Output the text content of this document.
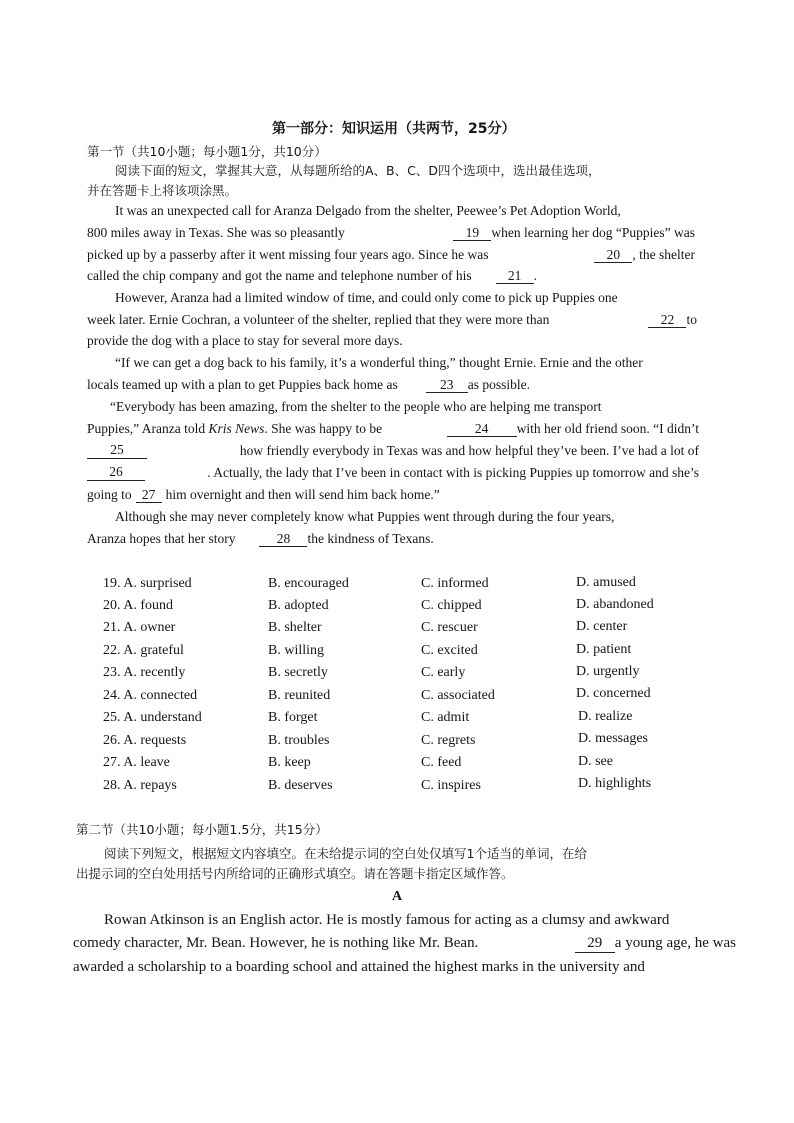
第一部分：知识运用（共两节，25分）
第一节（共10小题；每小题1分，共10分）
阅读下面的短文，掌握其大意，从每题所给的A、B、C、D四个选项中，选出最佳选项，
并在答题卡上将该项涂黑。
It was an unexpected call for Aranza Delgado from the shelter, Peewee’s Pet Adoption World,
800 miles away in Texas. She was so pleasantly	19 when learning her dog “Puppies” was
picked up by a passerby after it went missing four years ago. Since he was	20 , the shelter
called the chip company and got the name and telephone number of his	21 .
However, Aranza had a limited window of time, and could only come to pick up Puppies one
week later. Ernie Cochran, a volunteer of the shelter, replied that they were more than	22 to
provide the dog with a place to stay for several more days.
“If we can get a dog back to his family, it’s a wonderful thing,” thought Ernie. Ernie and the other
locals teamed up with a plan to get Puppies back home as	23 as possible.
“Everybody has been amazing, from the shelter to the people who are helping me transport
Puppies,” Aranza told Kris News. She was happy to be	24 with her old friend soon. “I didn’t
25	how friendly everybody in Texas was and how helpful they’ve been. I’ve had a lot of
26	. Actually, the lady that I’ve been in contact with is picking Puppies up tomorrow and she’s
going to 27 him overnight and then will send him back home.”
Although she may never completely know what Puppies went through during the four years,
Aranza hopes that her story	28 the kindness of Texans.
19. A. surprised	B. encouraged	C. informed	D. amused
20. A. found	B. adopted	C. chipped	D. abandoned
21. A. owner	B. shelter	C. rescuer	D. center
22. A. grateful	B. willing	C. excited	D. patient
23. A. recently	B. secretly	C. early	D. urgently
24. A. connected	B. reunited	C. associated	D. concerned
25. A. understand	B. forget	C. admit	D. realize
26. A. requests	B. troubles	C. regrets	D. messages
27. A. leave	B. keep	C. feed	D. see
28. A. repays	B. deserves	C. inspires	D. highlights
第二节（共10小题；每小题1.5分，共15分）
阅读下列短文，根据短文内容填空。在未给提示词的空白处仅填写1个适当的单词，在给
出提示词的空白处用括号内所给词的正确形式填空。请在答题卡指定区域作答。
A
Rowan Atkinson is an English actor. He is mostly famous for acting as a clumsy and awkward
comedy character, Mr. Bean. However, he is nothing like Mr. Bean.	29 a young age, he was
awarded a scholarship to a boarding school and attained the highest marks in the university and
